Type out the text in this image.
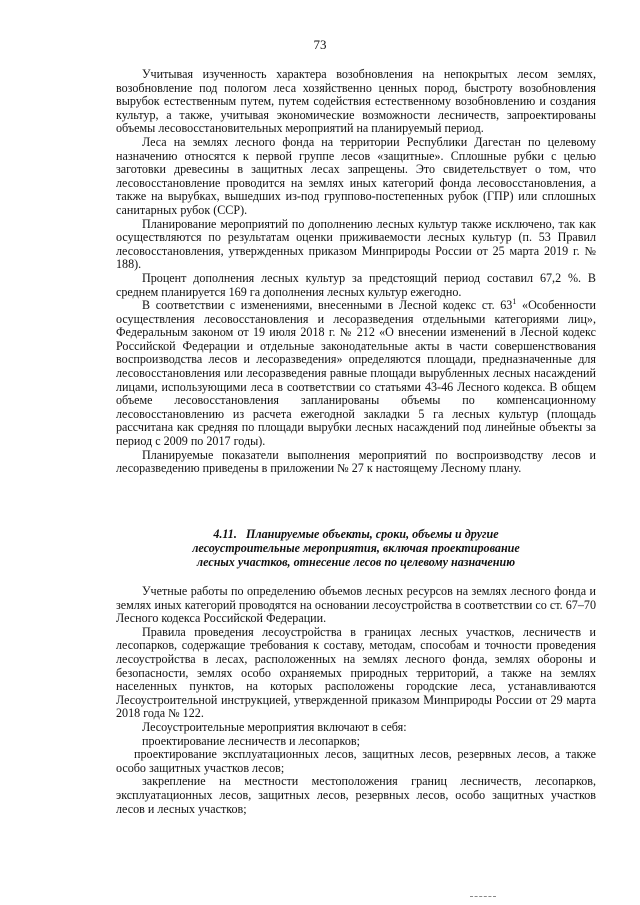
73

Учитывая изученность характера возобновления на непокрытых лесом землях, возобновление под пологом леса хозяйственно ценных пород, быстроту возобновления вырубок естественным путем, путем содействия естественному возобновлению и создания культур, а также, учитывая экономические возможности лесничеств, запроектированы объемы лесовосстановительных мероприятий на планируемый период.

Леса на землях лесного фонда на территории Республики Дагестан по целевому назначению относятся к первой группе лесов «защитные». Сплошные рубки с целью заготовки древесины в защитных лесах запрещены. Это свидетельствует о том, что лесовосстановление проводится на землях иных категорий фонда лесовосстановления, а также на вырубках, вышедших из-под группово-постепенных рубок (ГПР) или сплошных санитарных рубок (ССР).

Планирование мероприятий по дополнению лесных культур также исключено, так как осуществляются по результатам оценки приживаемости лесных культур (п. 53 Правил лесовосстановления, утвержденных приказом Минприроды России от 25 марта 2019 г. № 188).

Процент дополнения лесных культур за предстоящий период составил 67,2 %. В среднем планируется 169 га дополнения лесных культур ежегодно.

В соответствии с изменениями, внесенными в Лесной кодекс ст. $63^1$ «Особенности осуществления лесовосстановления и лесоразведения отдельными категориями лиц», Федеральным законом от 19 июля 2018 г. № 212 «О внесении изменений в Лесной кодекс Российской Федерации и отдельные законодательные акты в части совершенствования воспроизводства лесов и лесоразведения» определяются площади, предназначенные для лесовосстановления или лесоразведения равные площади вырубленных лесных насаждений лицами, использующими леса в соответствии со статьями 43-46 Лесного кодекса. В общем объеме лесовосстановления запланированы объемы по компенсационному лесовосстановлению из расчета ежегодной закладки 5 га лесных культур (площадь рассчитана как средняя по площади вырубки лесных насаждений под линейные объекты за период с 2009 по 2017 годы).

Планируемые показатели выполнения мероприятий по воспроизводству лесов и лесоразведению приведены в приложении № 27 к настоящему Лесному плану.

4.11.   Планируемые объекты, сроки, объемы и другие
лесоустроительные мероприятия, включая проектирование
лесных участков, отнесение лесов по целевому назначению

Учетные работы по определению объемов лесных ресурсов на землях лесного фонда и землях иных категорий проводятся на основании лесоустройства в соответствии со ст. 67–70 Лесного кодекса Российской Федерации.

Правила проведения лесоустройства в границах лесных участков, лесничеств и лесопарков, содержащие требования к составу, методам, способам и точности проведения лесоустройства в лесах, расположенных на землях лесного фонда, землях обороны и безопасности, землях особо охраняемых природных территорий, а также на землях населенных пунктов, на которых расположены городские леса, устанавливаются Лесоустроительной инструкцией, утвержденной приказом Минприроды России от 29 марта 2018 года № 122.

Лесоустроительные мероприятия включают в себя:

проектирование лесничеств и лесопарков;

проектирование эксплуатационных лесов, защитных лесов, резервных лесов, а также особо защитных участков лесов;

закрепление на местности местоположения границ лесничеств, лесопарков, эксплуатационных лесов, защитных лесов, резервных лесов, особо защитных участков лесов и лесных участков;
